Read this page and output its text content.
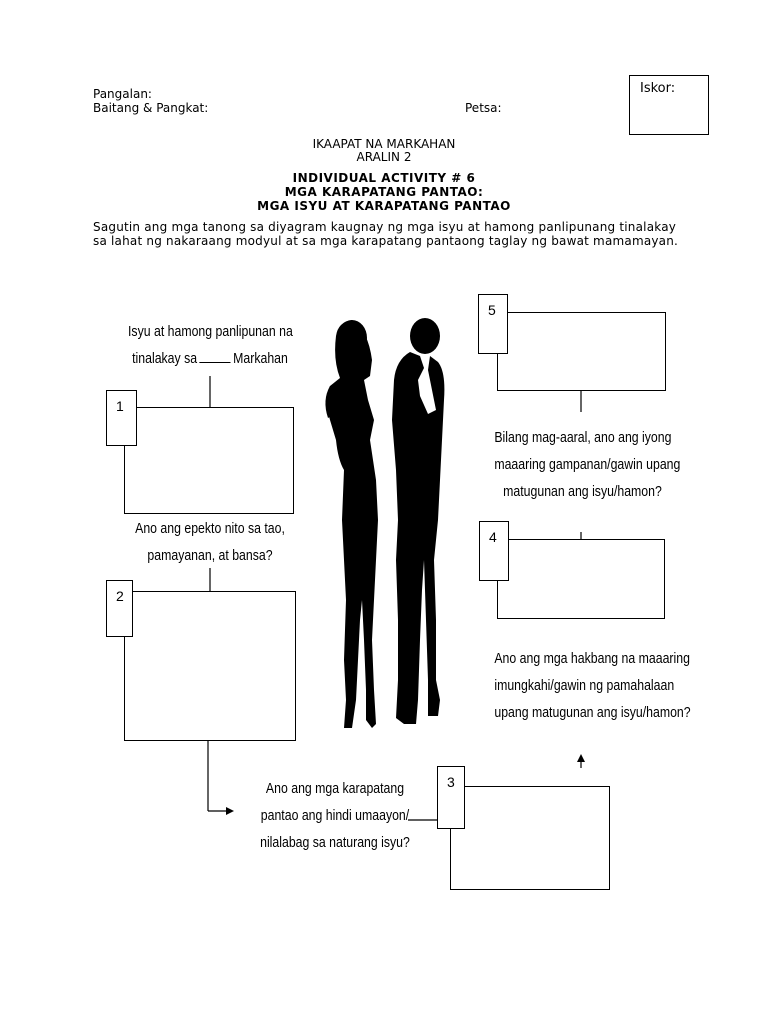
Pangalan:
Baitang & Pangkat:	Petsa:
Iskor:
IKAAPAT NA MARKAHAN
ARALIN 2
INDIVIDUAL ACTIVITY # 6
MGA KARAPATANG PANTAO:
MGA ISYU AT KARAPATANG PANTAO
Sagutin ang mga tanong sa diyagram kaugnay ng mga isyu at hamong panlipunang tinalakay sa lahat ng nakaraang modyul at sa mga karapatang pantaong taglay ng bawat mamamayan.
Isyu at hamong panlipunan na
tinalakay sa Markahan
Ano ang epekto nito sa tao,
pamayanan, at bansa?
Ano ang mga karapatang
pantao ang hindi umaayon/
nilalabag sa naturang isyu?
Ano ang mga hakbang na maaaring
imungkahi/gawin ng pamahalaan
upang matugunan ang isyu/hamon?
Bilang mag-aaral, ano ang iyong
maaaring gampanan/gawin upang
matugunan ang isyu/hamon?
1
2
3
4
5
